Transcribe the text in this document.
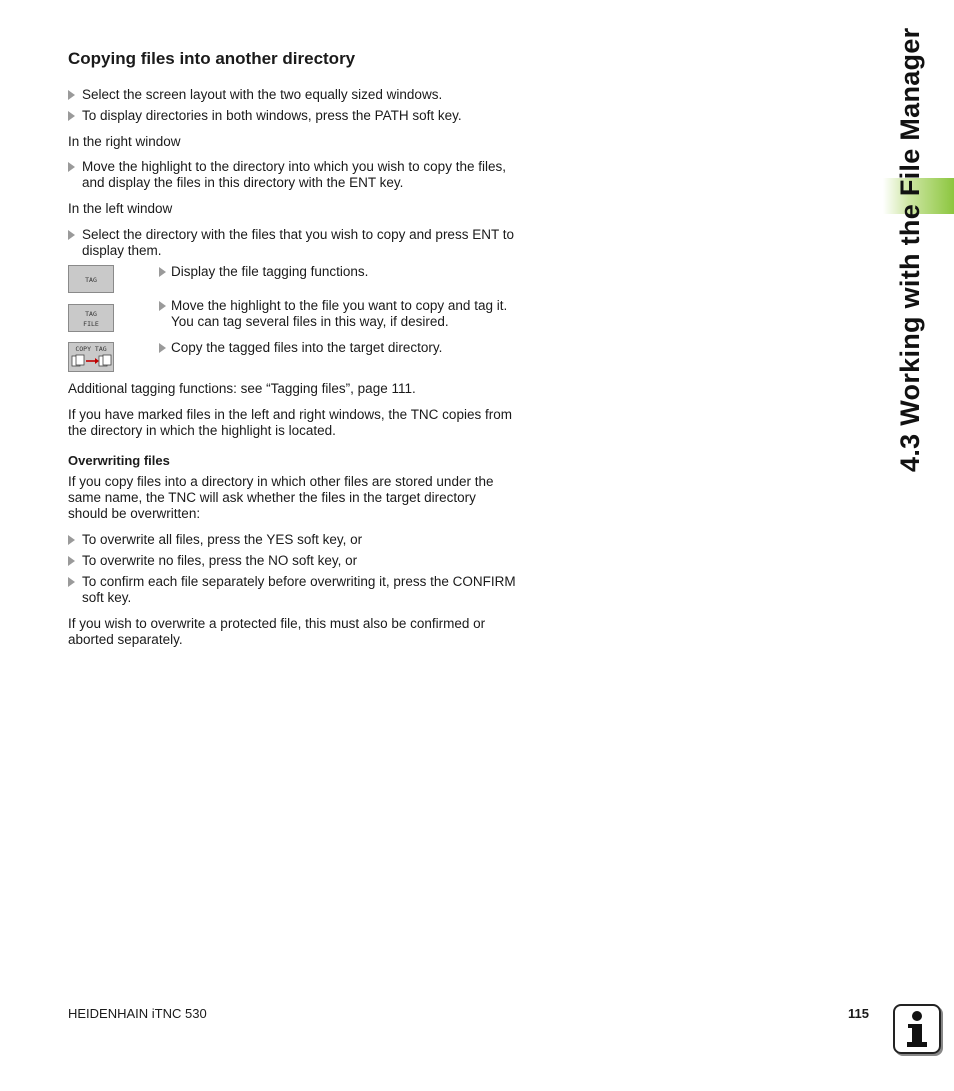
Copying files into another directory
Select the screen layout with the two equally sized windows.
To display directories in both windows, press the PATH soft key.
In the right window
Move the highlight to the directory into which you wish to copy the files, and display the files in this directory with the ENT key.
In the left window
Select the directory with the files that you wish to copy and press ENT to display them.
TAG
Display the file tagging functions.
TAG
FILE
Move the highlight to the file you want to copy and tag it. You can tag several files in this way, if desired.
COPY TAG	Copy the tagged files into the target directory.
Additional tagging functions: see “Tagging files”, page 111.
If you have marked files in the left and right windows, the TNC copies from the directory in which the highlight is located.
Overwriting files
If you copy files into a directory in which other files are stored under the same name, the TNC will ask whether the files in the target directory should be overwritten:
To overwrite all files, press the YES soft key, or
To overwrite no files, press the NO soft key, or
To confirm each file separately before overwriting it, press the CONFIRM soft key.
If you wish to overwrite a protected file, this must also be confirmed or aborted separately.
4.3 Working with the File Manager
HEIDENHAIN iTNC 530	115
